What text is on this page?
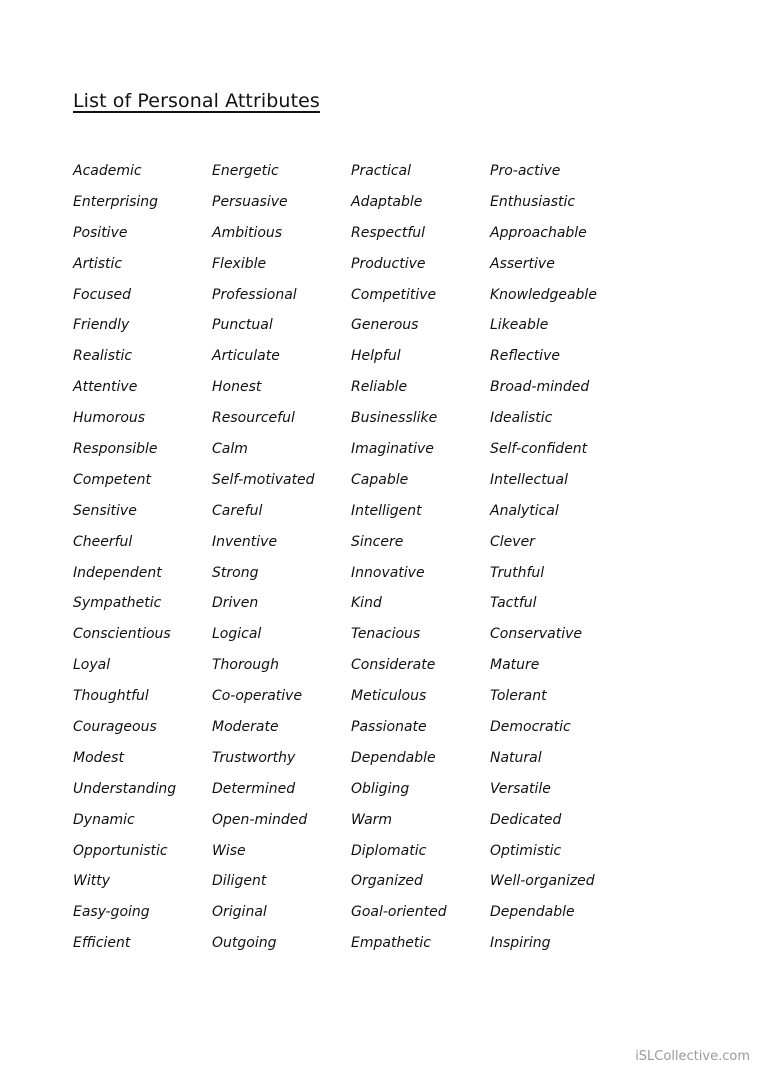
List of Personal Attributes
Academic	Energetic	Practical	Pro-active
Enterprising	Persuasive	Adaptable	Enthusiastic
Positive	Ambitious	Respectful	Approachable
Artistic	Flexible	Productive	Assertive
Focused	Professional	Competitive	Knowledgeable
Friendly	Punctual	Generous	Likeable
Realistic	Articulate	Helpful	Reflective
Attentive	Honest	Reliable	Broad-minded
Humorous	Resourceful	Businesslike	Idealistic
Responsible	Calm	Imaginative	Self-confident
Competent	Self-motivated	Capable	Intellectual
Sensitive	Careful	Intelligent	Analytical
Cheerful	Inventive	Sincere	Clever
Independent	Strong	Innovative	Truthful
Sympathetic	Driven	Kind	Tactful
Conscientious	Logical	Tenacious	Conservative
Loyal	Thorough	Considerate	Mature
Thoughtful	Co-operative	Meticulous	Tolerant
Courageous	Moderate	Passionate	Democratic
Modest	Trustworthy	Dependable	Natural
Understanding	Determined	Obliging	Versatile
Dynamic	Open-minded	Warm	Dedicated
Opportunistic	Wise	Diplomatic	Optimistic
Witty	Diligent	Organized	Well-organized
Easy-going	Original	Goal-oriented	Dependable
Efficient	Outgoing	Empathetic	Inspiring
iSLCollective.com
